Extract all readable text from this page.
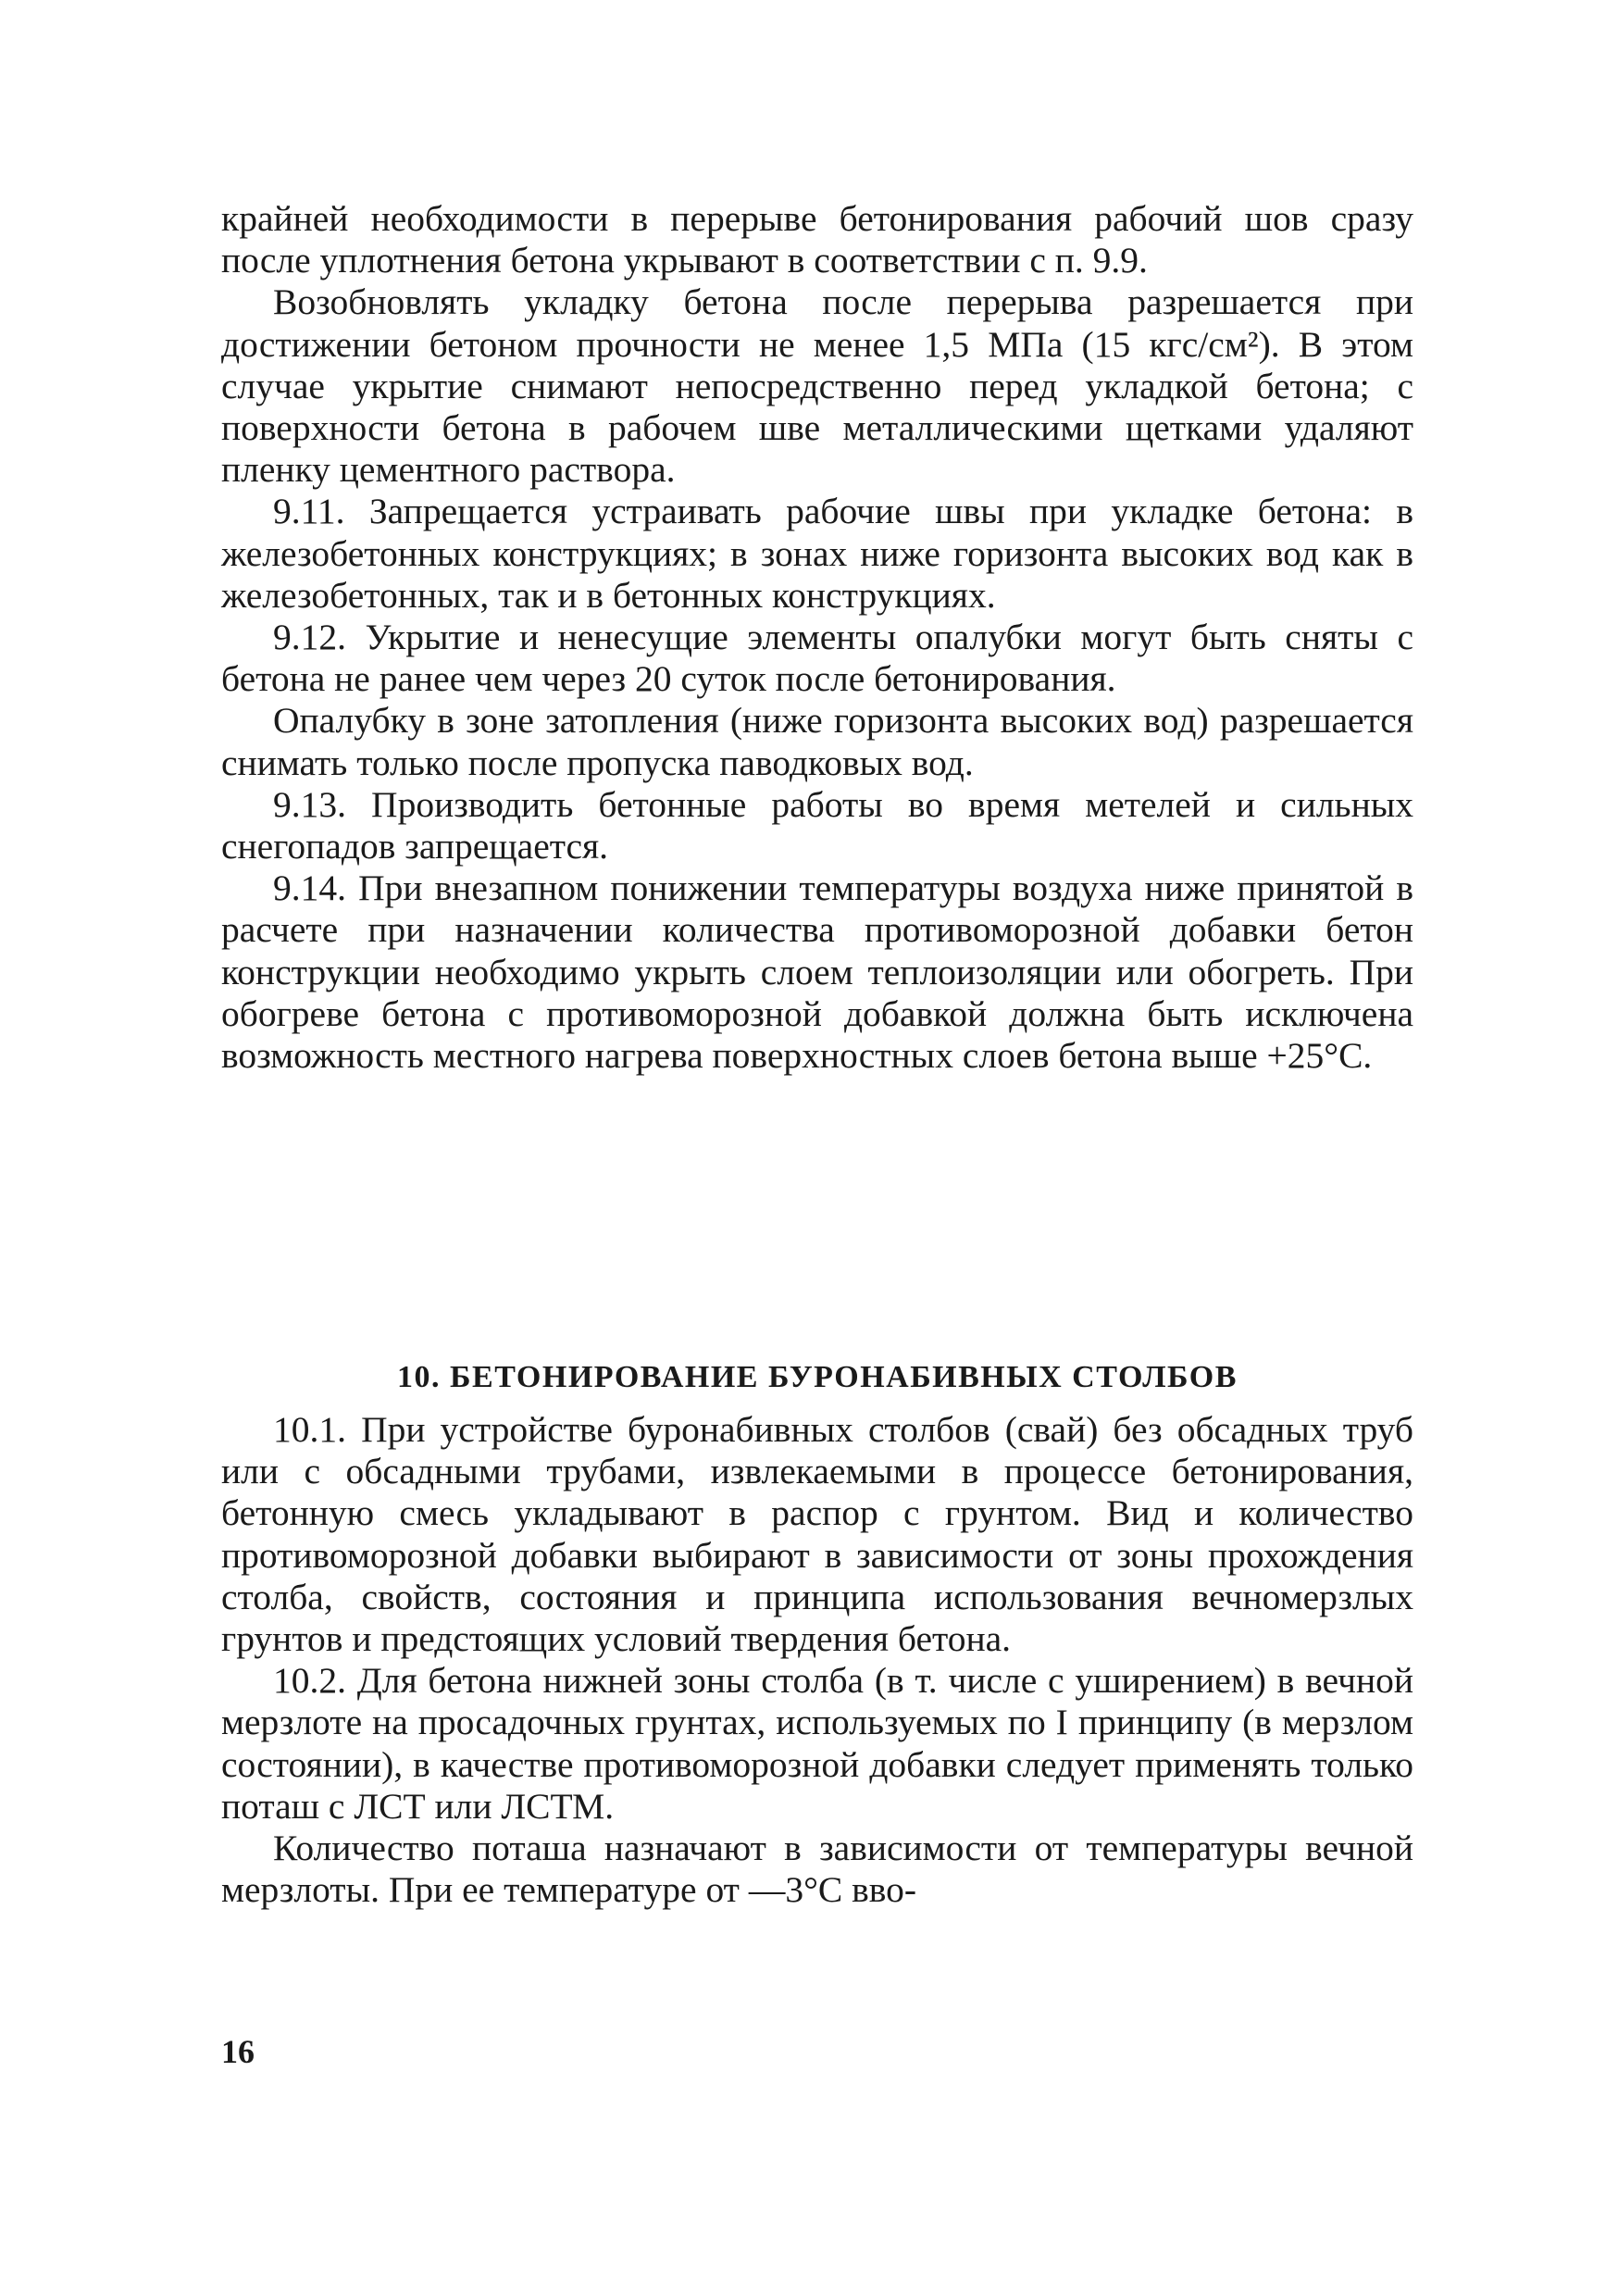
крайней необходимости в перерыве бетонирования рабочий шов сразу после уплотнения бетона укрывают в соответствии с п. 9.9.

Возобновлять укладку бетона после перерыва разрешается при достижении бетоном прочности не менее 1,5 МПа (15 кгс/см²). В этом случае укрытие снимают непосредственно перед укладкой бетона; с поверхности бетона в рабочем шве металлическими щетками удаляют пленку цементного раствора.

9.11. Запрещается устраивать рабочие швы при укладке бетона: в железобетонных конструкциях; в зонах ниже горизонта высоких вод как в железобетонных, так и в бетонных конструкциях.

9.12. Укрытие и ненесущие элементы опалубки могут быть сняты с бетона не ранее чем через 20 суток после бетонирования.

Опалубку в зоне затопления (ниже горизонта высоких вод) разрешается снимать только после пропуска паводковых вод.

9.13. Производить бетонные работы во время метелей и сильных снегопадов запрещается.

9.14. При внезапном понижении температуры воздуха ниже принятой в расчете при назначении количества противоморозной добавки бетон конструкции необходимо укрыть слоем теплоизоляции или обогреть. При обогреве бетона с противоморозной добавкой должна быть исключена возможность местного нагрева поверхностных слоев бетона выше +25°С.

10. БЕТОНИРОВАНИЕ БУРОНАБИВНЫХ СТОЛБОВ

10.1. При устройстве буронабивных столбов (свай) без обсадных труб или с обсадными трубами, извлекаемыми в процессе бетонирования, бетонную смесь укладывают в распор с грунтом. Вид и количество противоморозной добавки выбирают в зависимости от зоны прохождения столба, свойств, состояния и принципа использования вечномерзлых грунтов и предстоящих условий твердения бетона.

10.2. Для бетона нижней зоны столба (в т. числе с уширением) в вечной мерзлоте на просадочных грунтах, используемых по I принципу (в мерзлом состоянии), в качестве противоморозной добавки следует применять только поташ с ЛСТ или ЛСТМ.

Количество поташа назначают в зависимости от температуры вечной мерзлоты. При ее температуре от —3°С вво-

16
